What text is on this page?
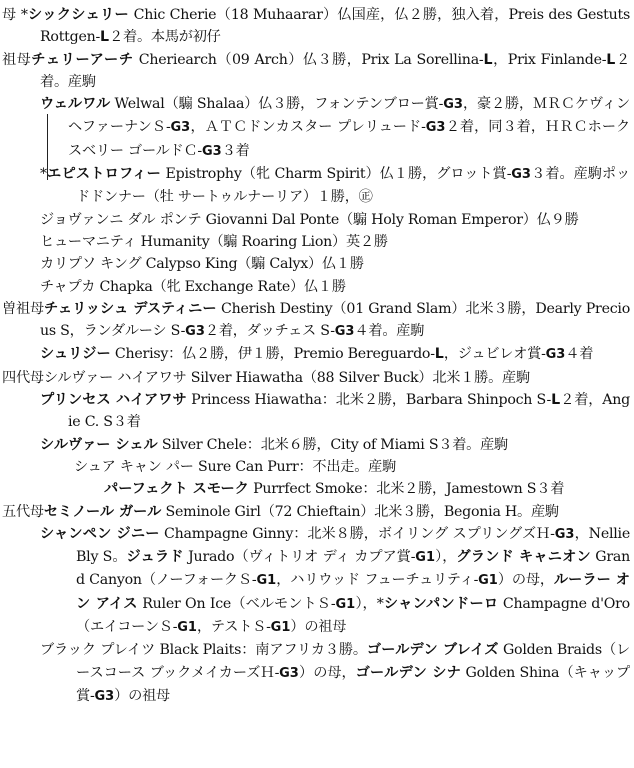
母 *シックシェリー Chic Cherie（18 Muhaarar）仏国産，仏２勝，独入着，Preis des Gestuts Rottgen-L２着。本馬が初仔
祖母チェリーアーチ Cheriearch（09 Arch）仏３勝，Prix La Sorellina-L，Prix Finlande-L２着。産駒
ウェルワル Welwal（騸 Shalaa）仏３勝，フォンテンブロー賞-G3，豪２勝，ＭＲＣケヴィン ヘファーナンＳ-G3，ＡＴＣドンカスター プレリュード-G3２着，同３着，ＨＲＣホークスベリー ゴールドＣ-G3３着
*エピストロフィー Epistrophy（牝 Charm Spirit）仏１勝，グロット賞-G3３着。産駒ポッドドンナー（牡 サートゥルナーリア）１勝，㊣
ジョヴァンニ ダル ポンテ Giovanni Dal Ponte（騸 Holy Roman Emperor）仏９勝
ヒューマニティ Humanity（騸 Roaring Lion）英２勝
カリプソ キング Calypso King（騸 Calyx）仏１勝
チャプカ Chapka（牝 Exchange Rate）仏１勝
曽祖母チェリッシュ デスティニー Cherish Destiny（01 Grand Slam）北米３勝，Dearly Precious S，ランダルーシ S-G3２着，ダッチェス S-G3４着。産駒
シュリジー Cherisy：仏２勝，伊１勝，Premio Bereguardo-L，ジュビレオ賞-G3４着
四代母シルヴァー ハイアワサ Silver Hiawatha（88 Silver Buck）北米１勝。産駒
プリンセス ハイアワサ Princess Hiawatha：北米２勝，Barbara Shinpoch S-L２着，Angie C. S３着
シルヴァー シェル Silver Chele：北米６勝，City of Miami S３着。産駒
シュア キャン パー Sure Can Purr：不出走。産駒
パーフェクト スモーク Purrfect Smoke：北米２勝，Jamestown S３着
五代母セミノール ガール Seminole Girl（72 Chieftain）北米３勝，Begonia H。産駒
シャンペン ジニー Champagne Ginny：北米８勝，ボイリング スプリングズＨ-G3，Nellie Bly S。ジュラド Jurado（ヴィトリオ ディ カプア賞-G1），グランド キャニオン Grand Canyon（ノーフォークＳ-G1，ハリウッド フューチュリティ-G1）の母，ルーラー オン アイス Ruler On Ice（ベルモントＳ-G1），*シャンパンドーロ Champagne d'Oro（エイコーンＳ-G1，テストＳ-G1）の祖母
ブラック プレイツ Black Plaits：南アフリカ３勝。ゴールデン ブレイズ Golden Braids（レースコース ブックメイカーズＨ-G3）の母，ゴールデン シナ Golden Shina（キャップ賞-G3）の祖母
